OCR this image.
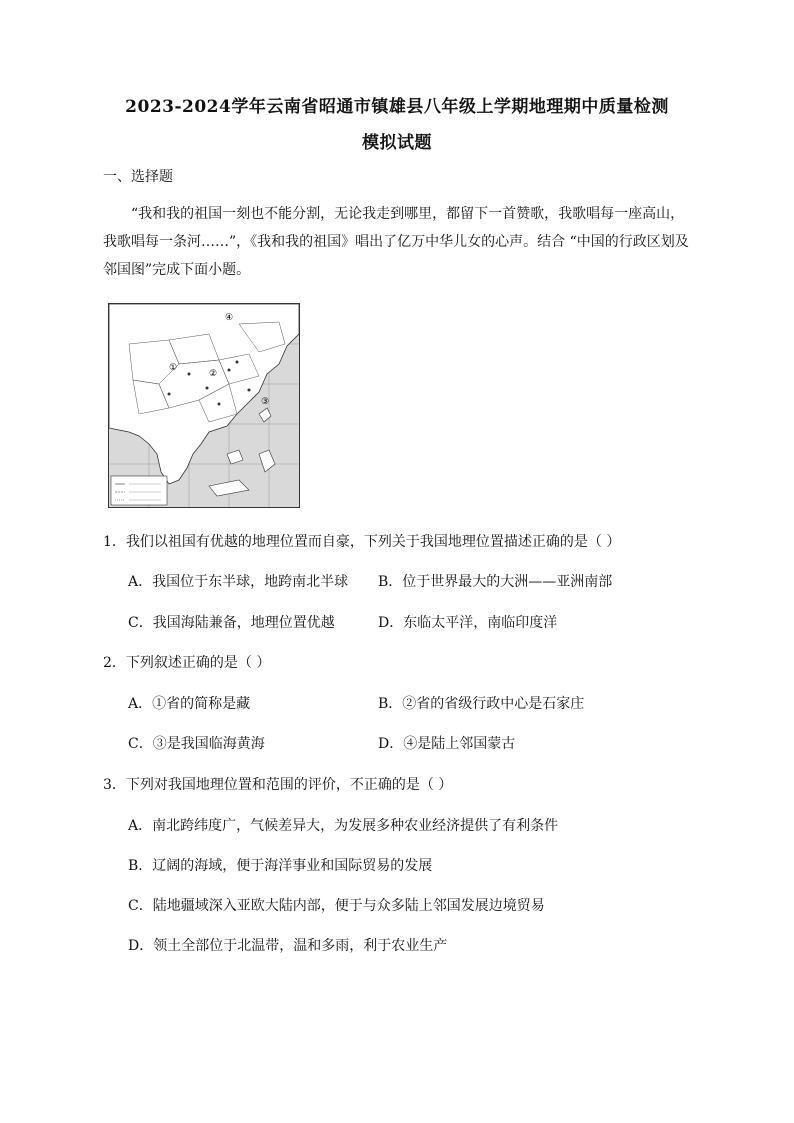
2023-2024学年云南省昭通市镇雄县八年级上学期地理期中质量检测
模拟试题
一、选择题
“我和我的祖国一刻也不能分割，无论我走到哪里，都留下一首赞歌，我歌唱每一座高山，我歌唱每一条河……”，《我和我的祖国》唱出了亿万中华儿女的心声。结合 “中国的行政区划及邻国图”完成下面小题。
①
②
③
④
1．我们以祖国有优越的地理位置而自豪，下列关于我国地理位置描述正确的是（ ）
A．我国位于东半球，地跨南北半球 B．位于世界最大的大洲——亚洲南部
C．我国海陆兼备，地理位置优越	D．东临太平洋，南临印度洋
2．下列叙述正确的是（ ）
A．①省的简称是藏	B．②省的省级行政中心是石家庄
C．③是我国临海黄海	D．④是陆上邻国蒙古
3．下列对我国地理位置和范围的评价，不正确的是（ ）
A．南北跨纬度广，气候差异大，为发展多种农业经济提供了有利条件
B．辽阔的海域，便于海洋事业和国际贸易的发展
C．陆地疆域深入亚欧大陆内部，便于与众多陆上邻国发展边境贸易
D．领土全部位于北温带，温和多雨，利于农业生产
